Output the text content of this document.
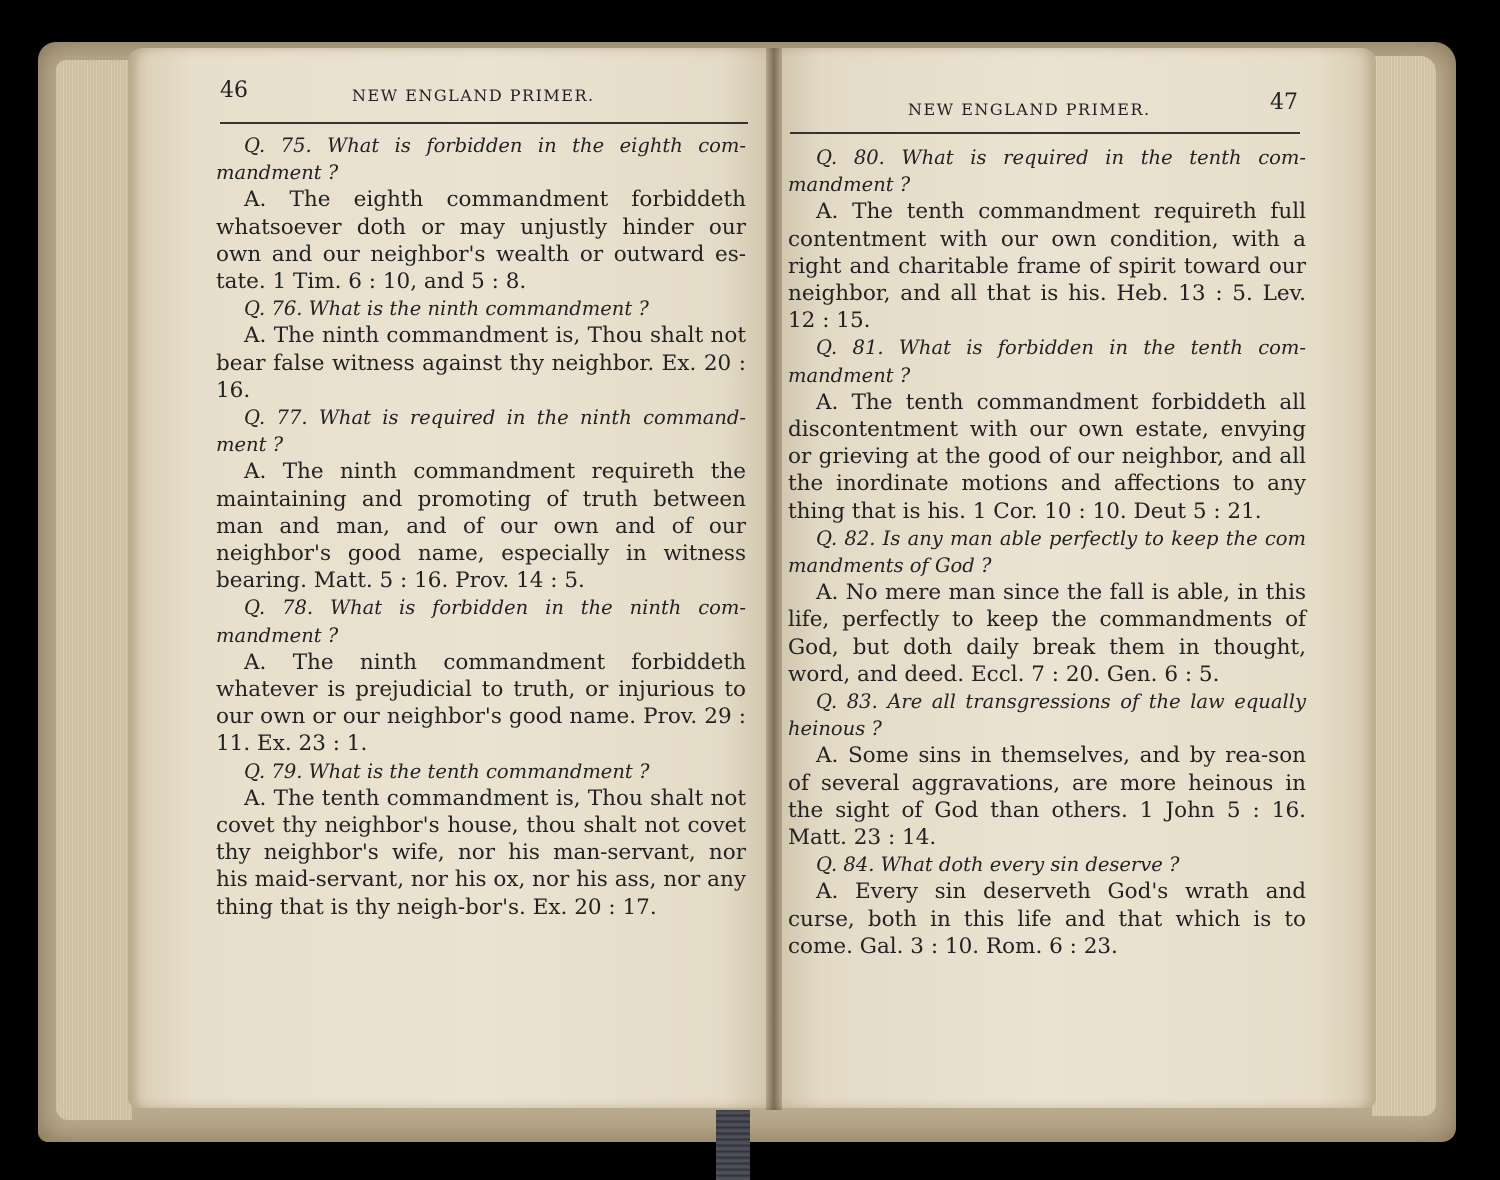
46	NEW ENGLAND PRIMER.

Q. 75. What is forbidden in the eighth com-mandment ?

A. The eighth commandment forbiddeth whatsoever doth or may unjustly hinder our own and our neighbor's wealth or outward es-tate. 1 Tim. 6 : 10, and 5 : 8.

Q. 76. What is the ninth commandment ?

A. The ninth commandment is, Thou shalt not bear false witness against thy neighbor. Ex. 20 : 16.

Q. 77. What is required in the ninth command-ment ?

A. The ninth commandment requireth the maintaining and promoting of truth between man and man, and of our own and of our neighbor's good name, especially in witness bearing. Matt. 5 : 16. Prov. 14 : 5.

Q. 78. What is forbidden in the ninth com-mandment ?

A. The ninth commandment forbiddeth whatever is prejudicial to truth, or injurious to our own or our neighbor's good name. Prov. 29 : 11. Ex. 23 : 1.

Q. 79. What is the tenth commandment ?

A. The tenth commandment is, Thou shalt not covet thy neighbor's house, thou shalt not covet thy neighbor's wife, nor his man-servant, nor his maid-servant, nor his ox, nor his ass, nor any thing that is thy neigh-bor's. Ex. 20 : 17.

NEW ENGLAND PRIMER.	47

Q. 80. What is required in the tenth com-mandment ?

A. The tenth commandment requireth full contentment with our own condition, with a right and charitable frame of spirit toward our neighbor, and all that is his. Heb. 13 : 5. Lev. 12 : 15.

Q. 81. What is forbidden in the tenth com-mandment ?

A. The tenth commandment forbiddeth all discontentment with our own estate, envying or grieving at the good of our neighbor, and all the inordinate motions and affections to any thing that is his. 1 Cor. 10 : 10. Deut 5 : 21.

Q. 82. Is any man able perfectly to keep the com mandments of God ?

A. No mere man since the fall is able, in this life, perfectly to keep the commandments of God, but doth daily break them in thought, word, and deed. Eccl. 7 : 20. Gen. 6 : 5.

Q. 83. Are all transgressions of the law equally heinous ?

A. Some sins in themselves, and by rea-son of several aggravations, are more heinous in the sight of God than others. 1 John 5 : 16. Matt. 23 : 14.

Q. 84. What doth every sin deserve ?

A. Every sin deserveth God's wrath and curse, both in this life and that which is to come. Gal. 3 : 10. Rom. 6 : 23.
